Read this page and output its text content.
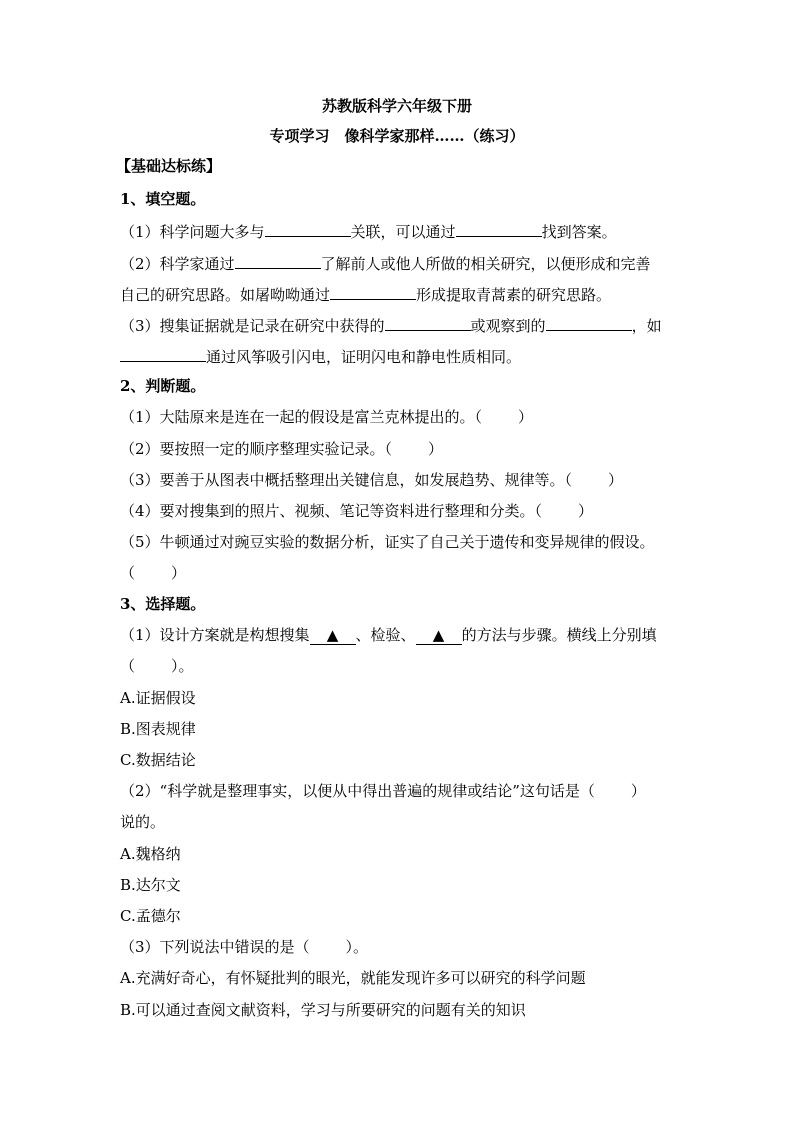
苏教版科学六年级下册
专项学习　像科学家那样……（练习）
【基础达标练】
1、填空题。
（1）科学问题大多与	关联，可以通过	找到答案。
（2）科学家通过	了解前人或他人所做的相关研究，以便形成和完善
自己的研究思路。如屠呦呦通过	形成提取青蒿素的研究思路。
（3）搜集证据就是记录在研究中获得的	或观察到的	，如
通过风筝吸引闪电，证明闪电和静电性质相同。
2、判断题。
（1）大陆原来是连在一起的假设是富兰克林提出的。（ ）
（2）要按照一定的顺序整理实验记录。（ ）
（3）要善于从图表中概括整理出关键信息，如发展趋势、规律等。（ ）
（4）要对搜集到的照片、视频、笔记等资料进行整理和分类。（ ）
（5）牛顿通过对豌豆实验的数据分析，证实了自己关于遗传和变异规律的假设。
（ ）
3、选择题。
（1）设计方案就是构想搜集 ▲ 、检验、 ▲ 的方法与步骤。横线上分别填
（ ）。
A.证据假设
B.图表规律
C.数据结论
（2）“科学就是整理事实，以便从中得出普遍的规律或结论”这句话是（ ）
说的。
A.魏格纳
B.达尔文
C.孟德尔
（3）下列说法中错误的是（ ）。
A.充满好奇心，有怀疑批判的眼光，就能发现许多可以研究的科学问题
B.可以通过查阅文献资料，学习与所要研究的问题有关的知识
